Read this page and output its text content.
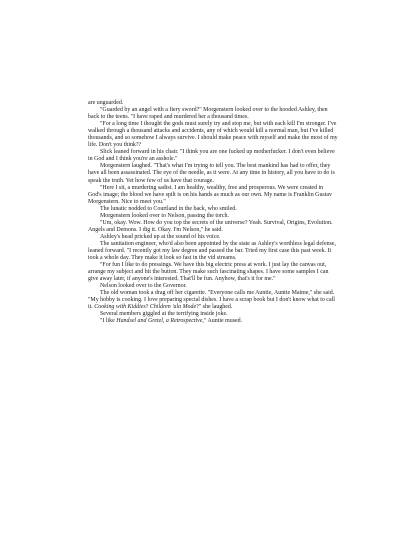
are unguarded.

"Guarded by an angel with a fiery sword?" Morgenstern looked over to the hooded Ashley, then back to the teens. "I have raped and murdered her a thousand times.

"For a long time I thought the gods must surely try and stop me, but with each kill I'm stronger. I've walked through a thousand attacks and accidents, any of which would kill a normal man, but I've killed thousands, and so somehow I always survive. I should make peace with myself and make the most of my life. Don't you think??

Slick leaned forward in his chair. "I think you are one fucked up motherfucker. I don't even believe in God and I think you're an asshole."

Morgenstern laughed. "That's what I'm trying to tell you. The best mankind has had to offer, they have all been assassinated. The eye of the needle, as it were. At any time in history, all you have to do is speak the truth. Yet how few of us have that courage.

"Here I sit, a murdering sadist. I am healthy, wealthy, free and prosperous. We were created in God's image; the blood we have spilt is on his hands as much as our own. My name is Franklin Gustav Morgenstern. Nice to meet you."

The lunatic nodded to Courtland in the back, who smiled.

Morgenstern looked over to Nelson, passing the torch.

"Um, okay. Wow. How do you top the secrets of the universe? Yeah. Survival, Origins, Evolution. Angels and Demons. I dig it. Okay. I'm Nelson," he said.

Ashley's head pricked up at the sound of his voice.

The sanitation engineer, who'd also been appointed by the state as Ashley's worthless legal defense, leaned forward. "I recently got my law degree and passed the bar. Tried my first case this past week. It took a whole day. They make it look so fast in the vid streams.

"For fun I like to do pressings. We have this big electric press at work. I just lay the canvas out, arrange my subject and hit the button. They make such fascinating shapes. I have some samples I can give away later, if anyone's interested. That'll be fun. Anyhow, that's it for me."

Nelson looked over to the Governor.

The old woman took a drag off her cigarette. "Everyone calls me Auntie, Auntie Maime," she said. "My hobby is cooking. I love preparing special dishes. I have a scrap book but I don't know what to call it. Cooking with Kiddies? Children 'ala Mode?" she laughed.

Several members giggled at the terrifying inside joke.

"I like Handsel and Gretel, a Retrospective," Auntie mused.
